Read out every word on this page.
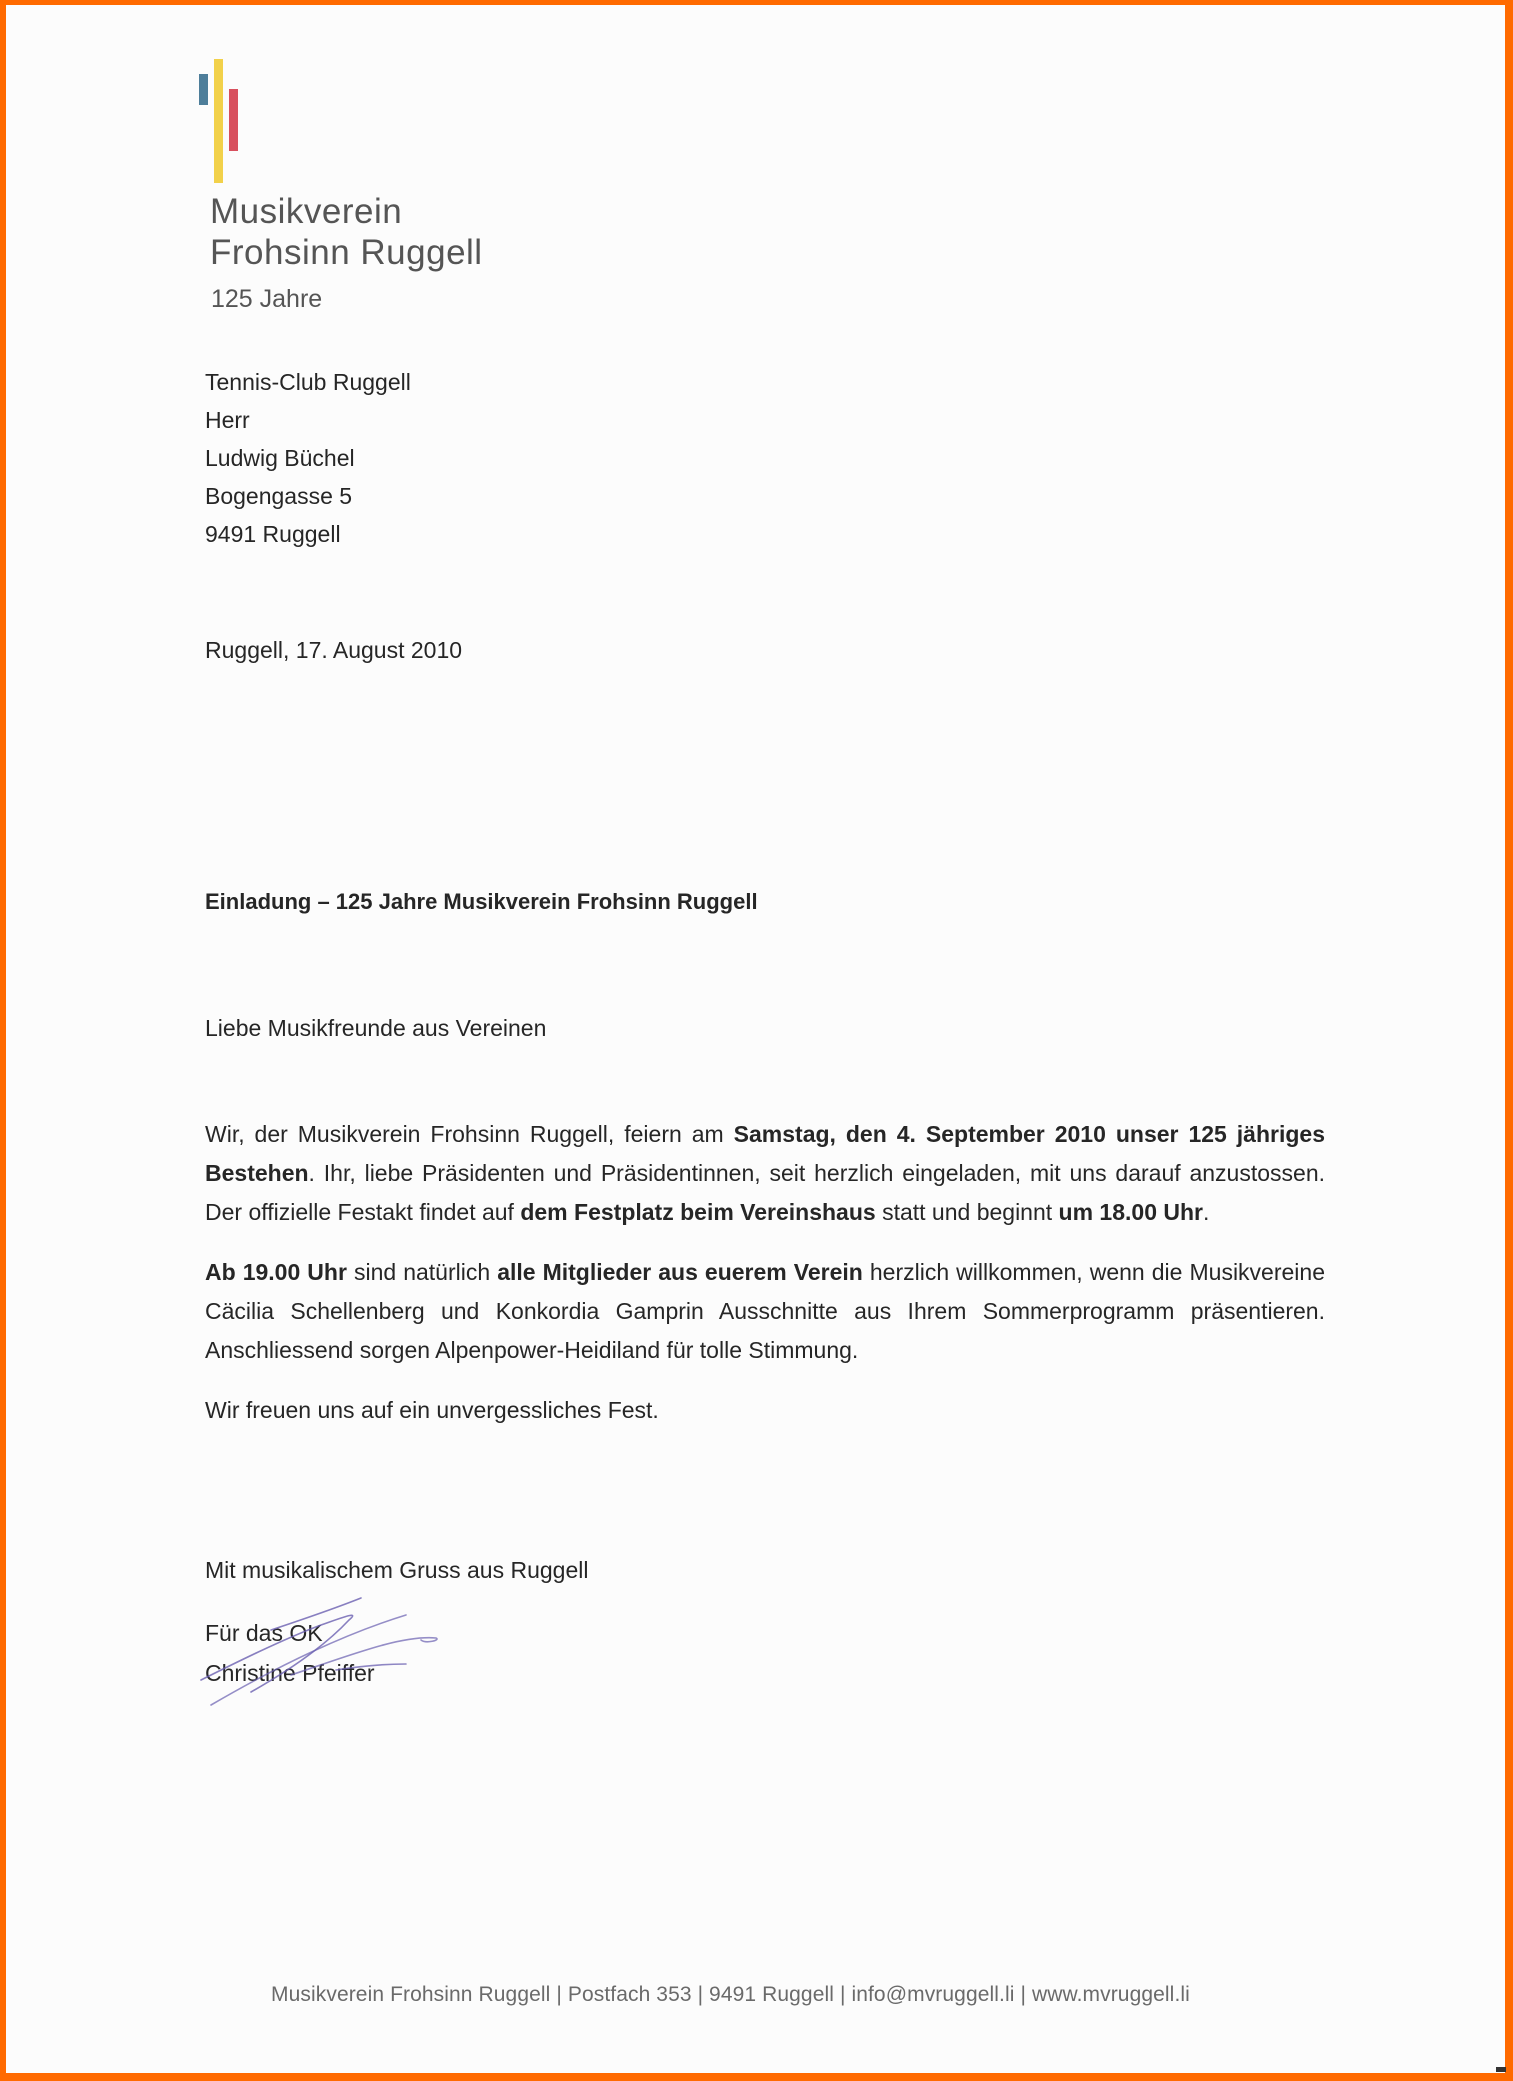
Musikverein
Frohsinn Ruggell
125 Jahre
Tennis-Club Ruggell
Herr
Ludwig Büchel
Bogengasse 5
9491 Ruggell
Ruggell, 17. August 2010
Einladung – 125 Jahre Musikverein Frohsinn Ruggell
Liebe Musikfreunde aus Vereinen

Wir, der Musikverein Frohsinn Ruggell, feiern am Samstag, den 4. September 2010 unser 125 jähriges Bestehen. Ihr, liebe Präsidenten und Präsidentinnen, seit herzlich eingeladen, mit uns darauf anzustossen. Der offizielle Festakt findet auf dem Festplatz beim Vereinshaus statt und beginnt um 18.00 Uhr.

Ab 19.00 Uhr sind natürlich alle Mitglieder aus euerem Verein herzlich willkommen, wenn die Musikvereine Cäcilia Schellenberg und Konkordia Gamprin Ausschnitte aus Ihrem Sommerprogramm präsentieren. Anschliessend sorgen Alpenpower-Heidiland für tolle Stimmung.

Wir freuen uns auf ein unvergessliches Fest.

Mit musikalischem Gruss aus Ruggell
Für das OK
Christine Pfeiffer
Musikverein Frohsinn Ruggell | Postfach 353 | 9491 Ruggell | info@mvruggell.li | www.mvruggell.li
